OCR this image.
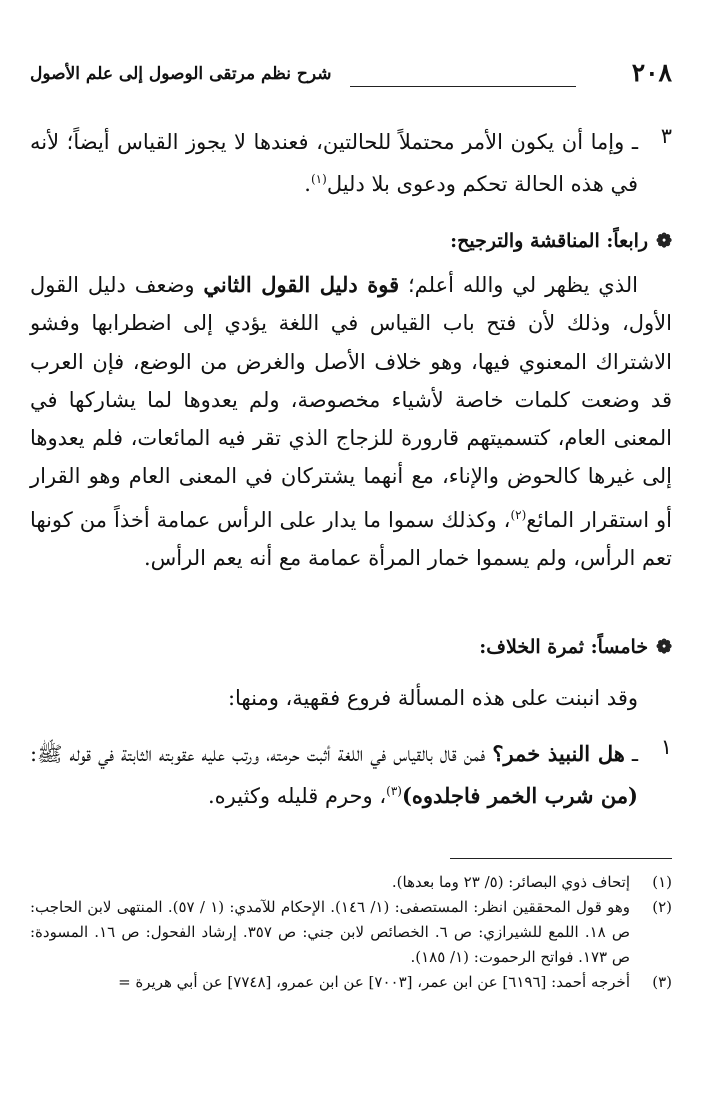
٢٠٨
شرح نظم مرتقى الوصول إلى علم الأصول
٣
ـ وإما أن يكون الأمر محتملاً للحالتين، فعندها لا يجوز القياس أيضاً؛ لأنه في هذه الحالة تحكم ودعوى بلا دليل$^{(١)}$.
❁رابعاً: المناقشة والترجيح:

الذي يظهر لي والله أعلم؛ قوة دليل القول الثاني وضعف دليل القول الأول، وذلك لأن فتح باب القياس في اللغة يؤدي إلى اضطرابها وفشو الاشتراك المعنوي فيها، وهو خلاف الأصل والغرض من الوضع، فإن العرب قد وضعت كلمات خاصة لأشياء مخصوصة، ولم يعدوها لما يشاركها في المعنى العام، كتسميتهم قارورة للزجاج الذي تقر فيه المائعات، فلم يعدوها إلى غيرها كالحوض والإناء، مع أنهما يشتركان في المعنى العام وهو القرار أو استقرار المائع$^{(٢)}$، وكذلك سموا ما يدار على الرأس عمامة أخذاً من كونها تعم الرأس، ولم يسموا خمار المرأة عمامة مع أنه يعم الرأس.

❁خامساً: ثمرة الخلاف:

وقد انبنت على هذه المسألة فروع فقهية، ومنها:

١
ـ هل النبيذ خمر؟ فمن قال بالقياس في اللغة أثبت حرمته، ورتب عليه عقوبته الثابتة في قوله ﷺ: (من شرب الخمر فاجلدوه)$^{(٣)}$، وحرم قليله وكثيره.
(١)
إتحاف ذوي البصائر: (٥/ ٢٣ وما بعدها).
(٢)
وهو قول المحققين انظر: المستصفى: (١/ ١٤٦). الإحكام للآمدي: (١ / ٥٧). المنتهى لابن الحاجب: ص ١٨. اللمع للشيرازي: ص ٦. الخصائص لابن جني: ص ٣٥٧. إرشاد الفحول: ص ١٦. المسودة: ص ١٧٣. فواتح الرحموت: (١/ ١٨٥).
(٣)
أخرجه أحمد: [٦١٩٦] عن ابن عمر، [٧٠٠٣] عن ابن عمرو، [٧٧٤٨] عن أبي هريرة =
